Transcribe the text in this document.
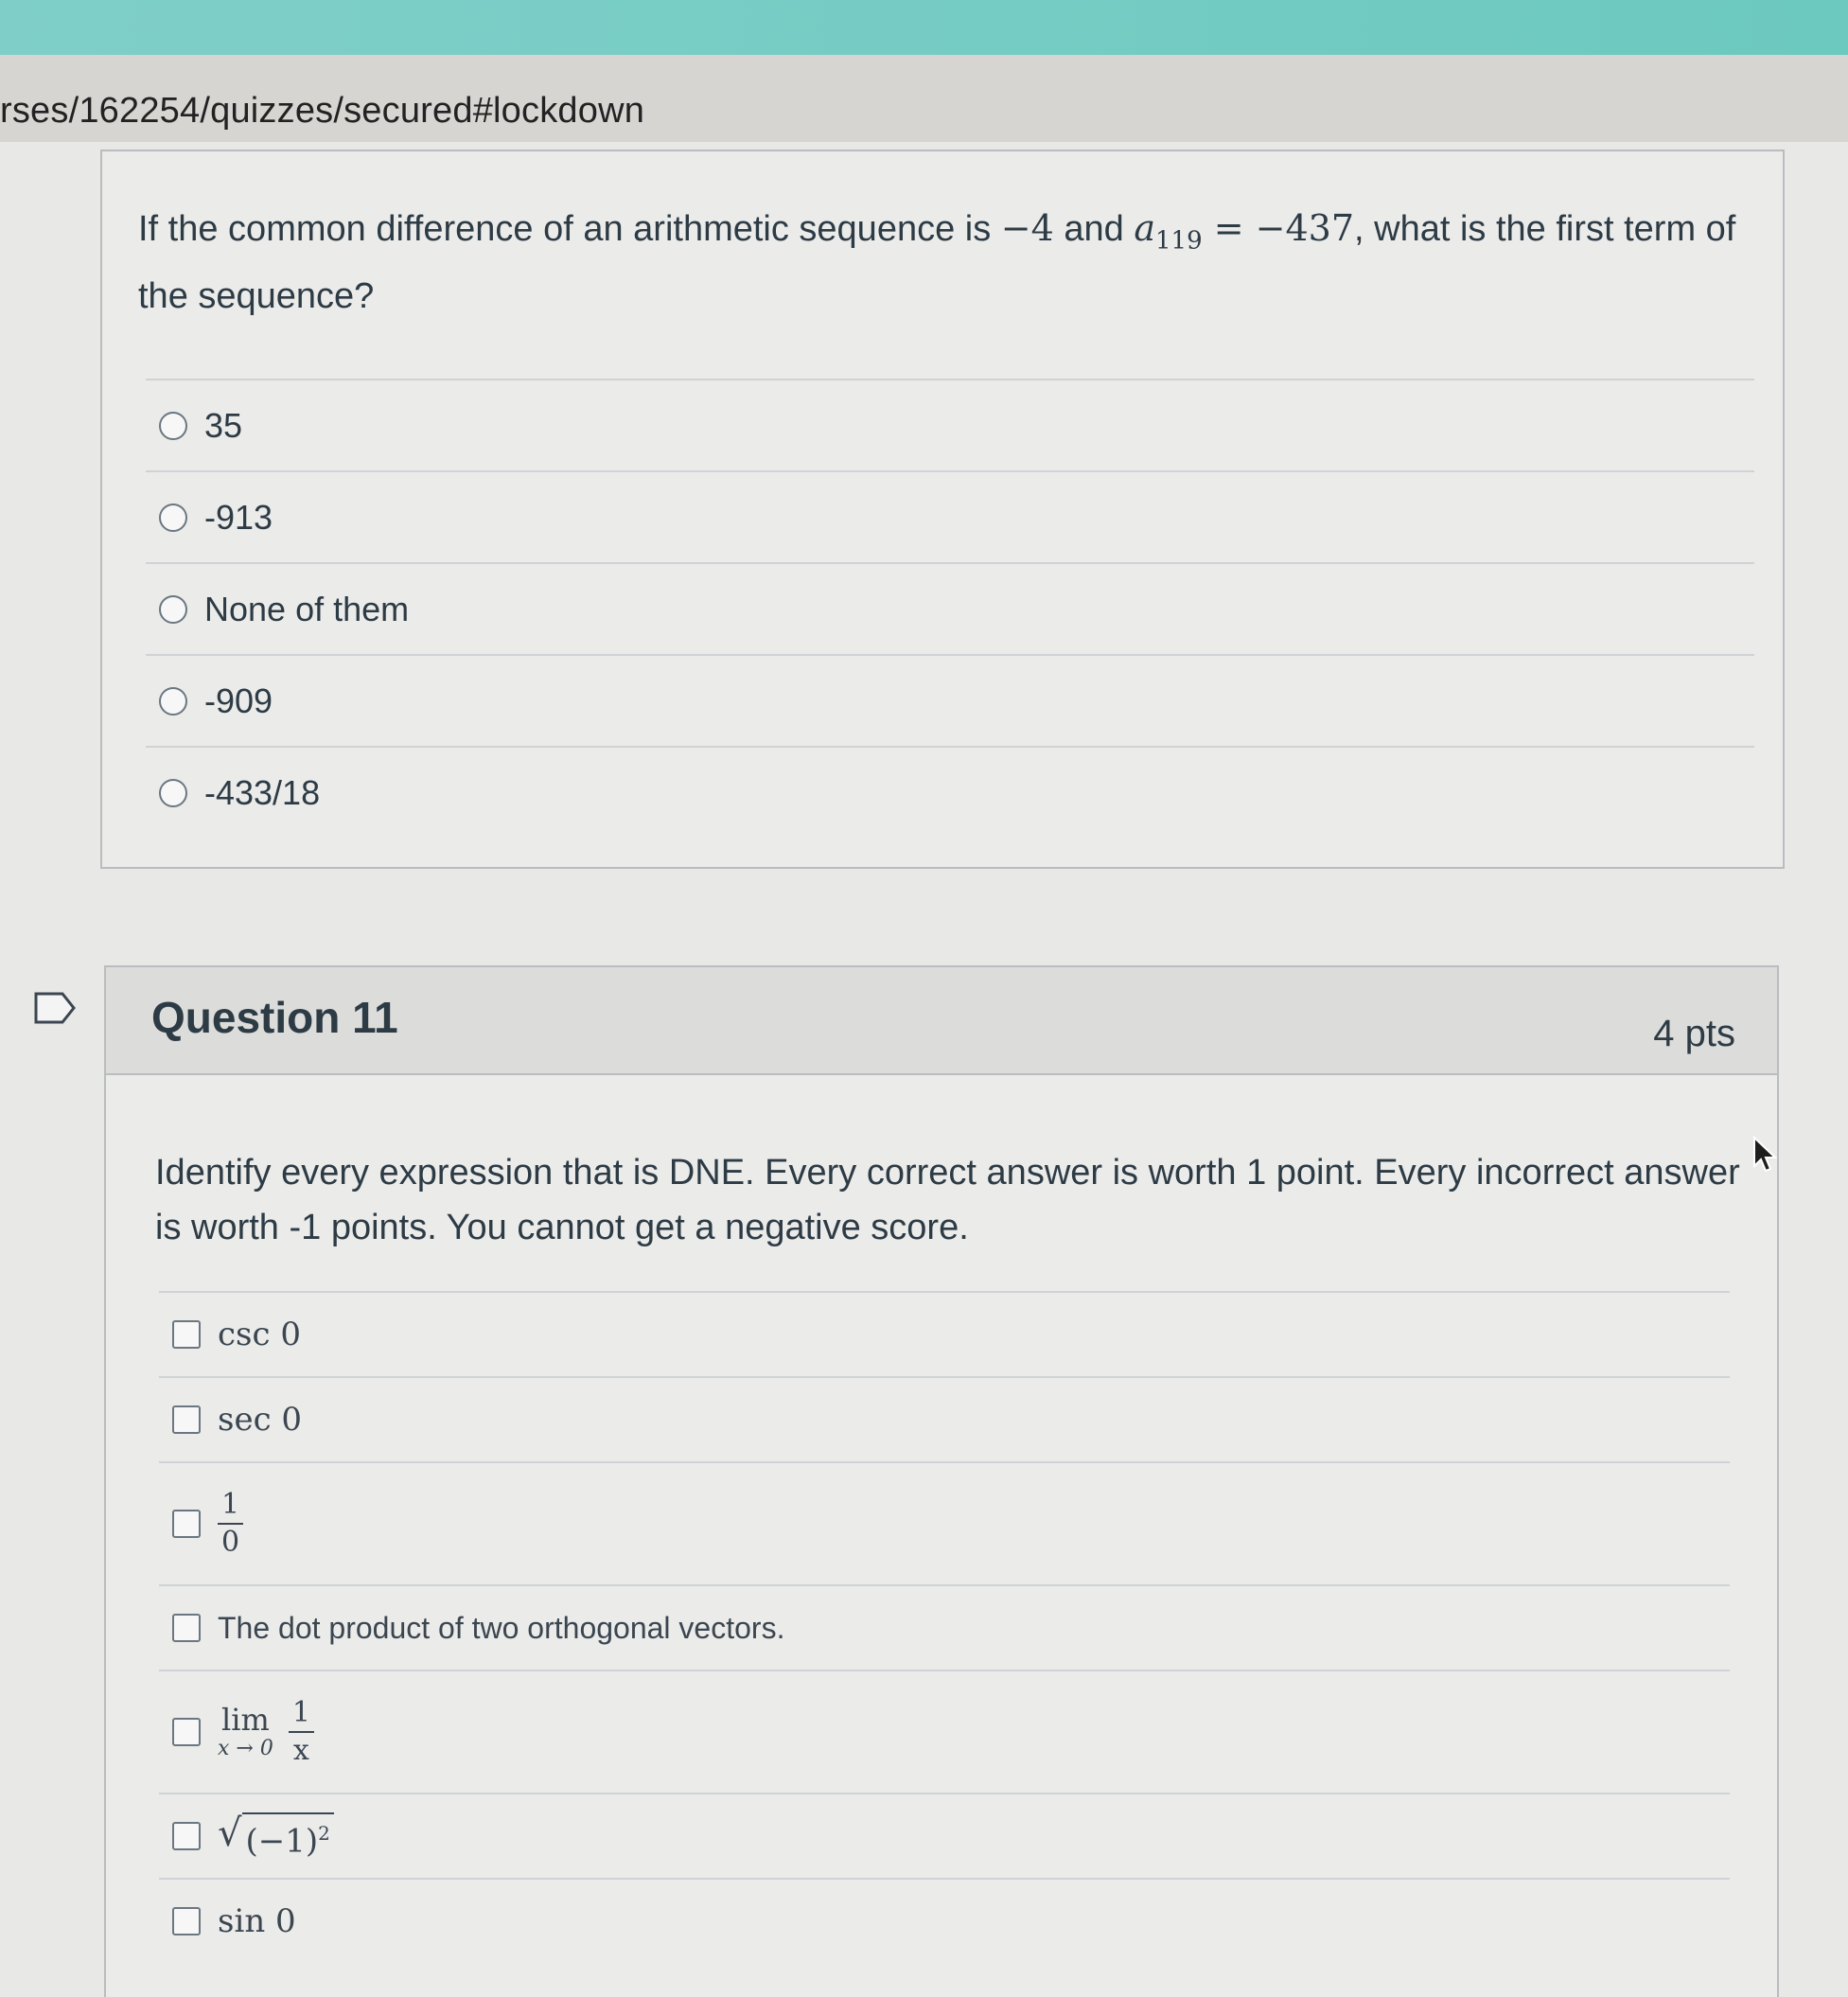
rses/162254/quizzes/secured#lockdown
If the common difference of an arithmetic sequence is −4 and $a_{119} = -437$, what is the first term of the sequence?
35
-913
None of them
-909
-433/18
Question 11	4 pts
Identify every expression that is DNE. Every correct answer is worth 1 point. Every incorrect answer is worth -1 points. You cannot get a negative score.
csc 0
sec 0
$\frac{1}{0}$
The dot product of two orthogonal vectors.
lim
$x \to 0 \frac{1}{x}$
√ $(-1)^2$
sin 0
